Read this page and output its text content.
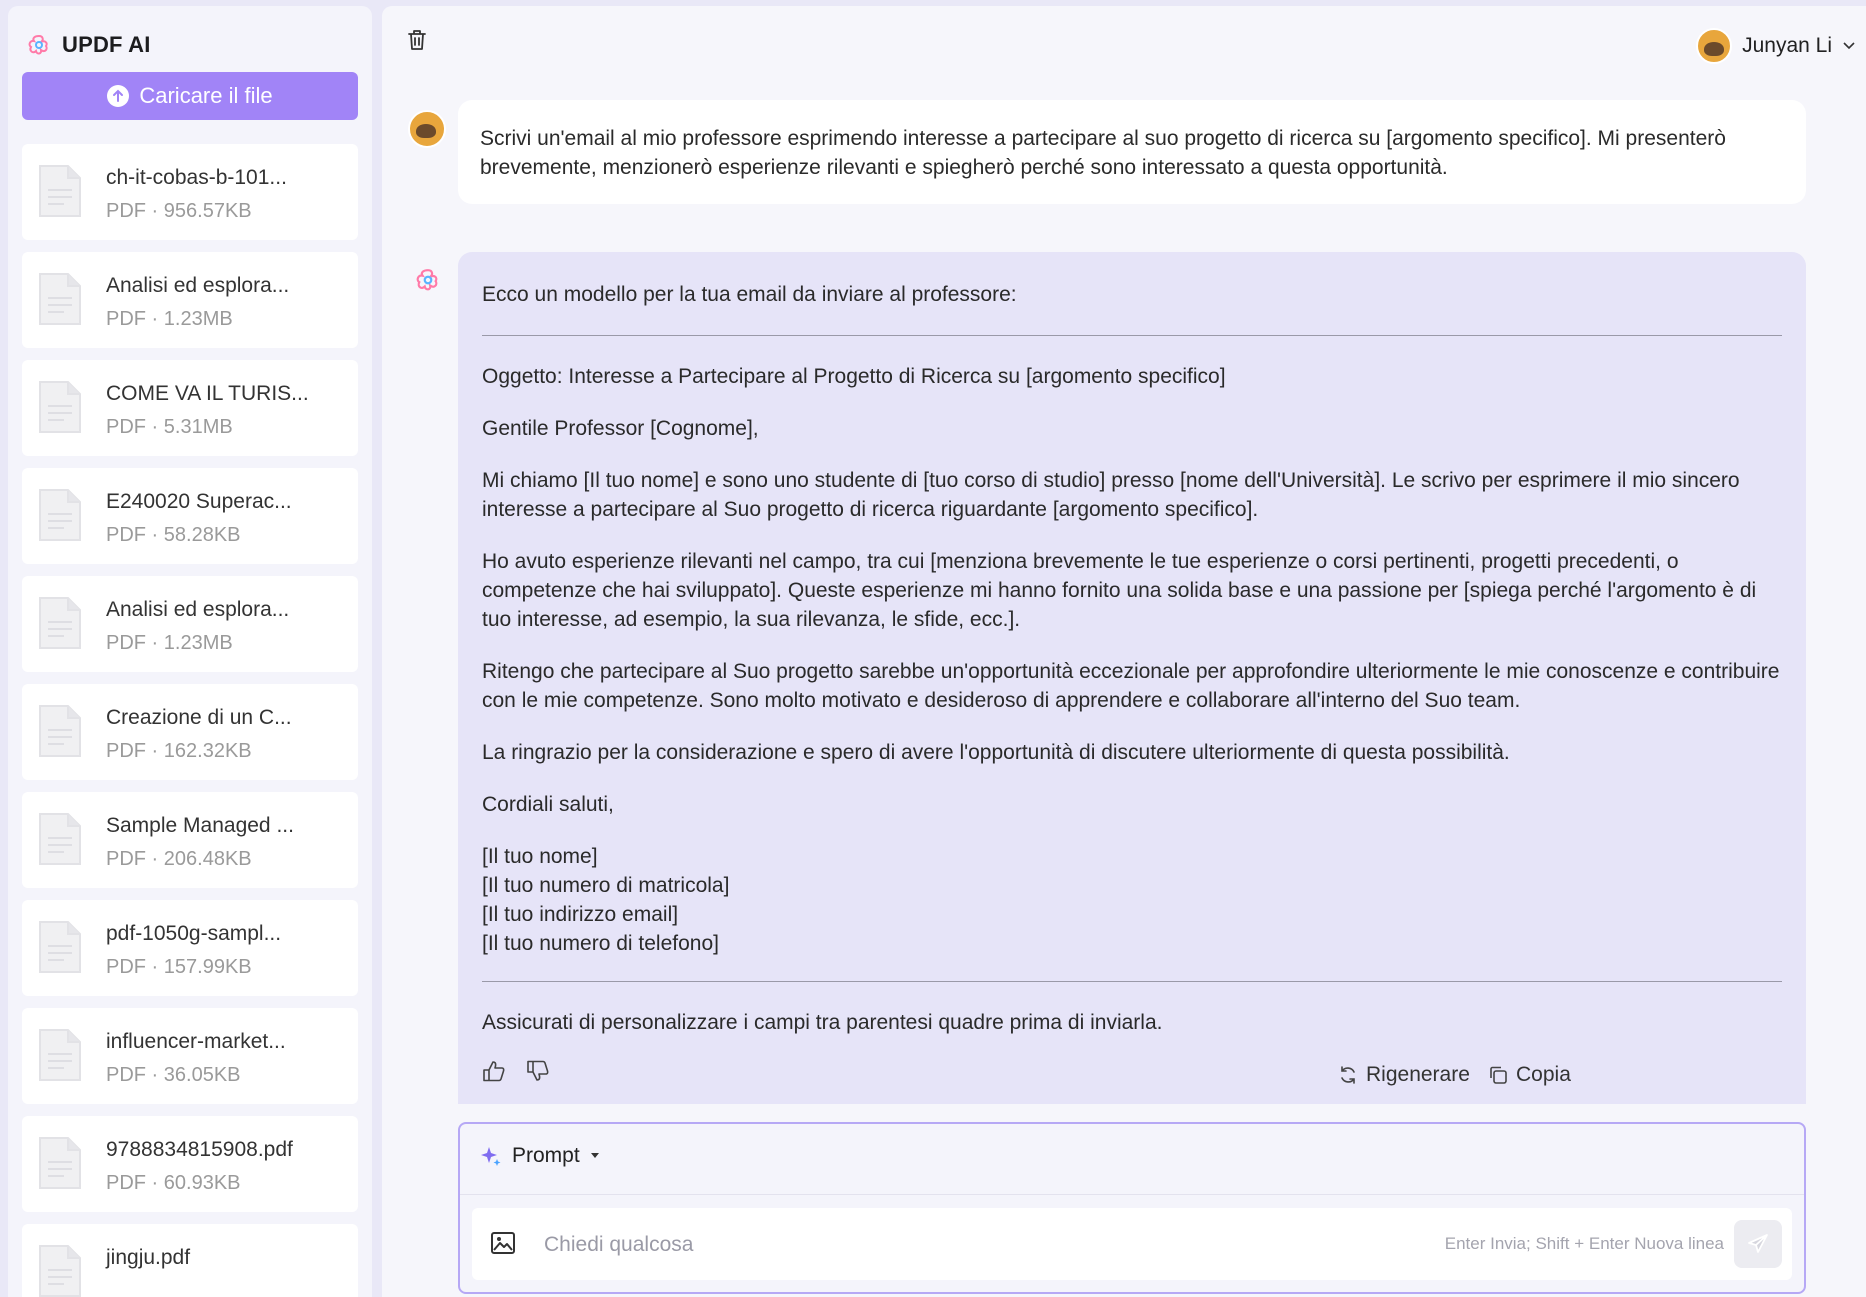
UPDF AI
Caricare il file
ch-it-cobas-b-101...
PDF · 956.57KB
Analisi ed esplora...
PDF · 1.23MB
COME VA IL TURIS...
PDF · 5.31MB
E240020 Superac...
PDF · 58.28KB
Analisi ed esplora...
PDF · 1.23MB
Creazione di un C...
PDF · 162.32KB
Sample Managed ...
PDF · 206.48KB
pdf-1050g-sampl...
PDF · 157.99KB
influencer-market...
PDF · 36.05KB
9788834815908.pdf
PDF · 60.93KB
jingju.pdf
Junyan Li
Scrivi un'email al mio professore esprimendo interesse a partecipare al suo progetto di ricerca su [argomento specifico]. Mi presenterò brevemente, menzionerò esperienze rilevanti e spiegherò perché sono interessato a questa opportunità.

Ecco un modello per la tua email da inviare al professore:

Oggetto: Interesse a Partecipare al Progetto di Ricerca su [argomento specifico]

Gentile Professor [Cognome],

Mi chiamo [Il tuo nome] e sono uno studente di [tuo corso di studio] presso [nome dell'Università]. Le scrivo per esprimere il mio sincero interesse a partecipare al Suo progetto di ricerca riguardante [argomento specifico].

Ho avuto esperienze rilevanti nel campo, tra cui [menziona brevemente le tue esperienze o corsi pertinenti, progetti precedenti, o competenze che hai sviluppato]. Queste esperienze mi hanno fornito una solida base e una passione per [spiega perché l'argomento è di tuo interesse, ad esempio, la sua rilevanza, le sfide, ecc.].

Ritengo che partecipare al Suo progetto sarebbe un'opportunità eccezionale per approfondire ulteriormente le mie conoscenze e contribuire con le mie competenze. Sono molto motivato e desideroso di apprendere e collaborare all'interno del Suo team.

La ringrazio per la considerazione e spero di avere l'opportunità di discutere ulteriormente di questa possibilità.

Cordiali saluti,

[Il tuo nome]
[Il tuo numero di matricola]
[Il tuo indirizzo email]
[Il tuo numero di telefono]

Assicurati di personalizzare i campi tra parentesi quadre prima di inviarla.

Rigenerare Copia
Prompt
Chiedi qualcosa
Enter Invia; Shift + Enter Nuova linea
